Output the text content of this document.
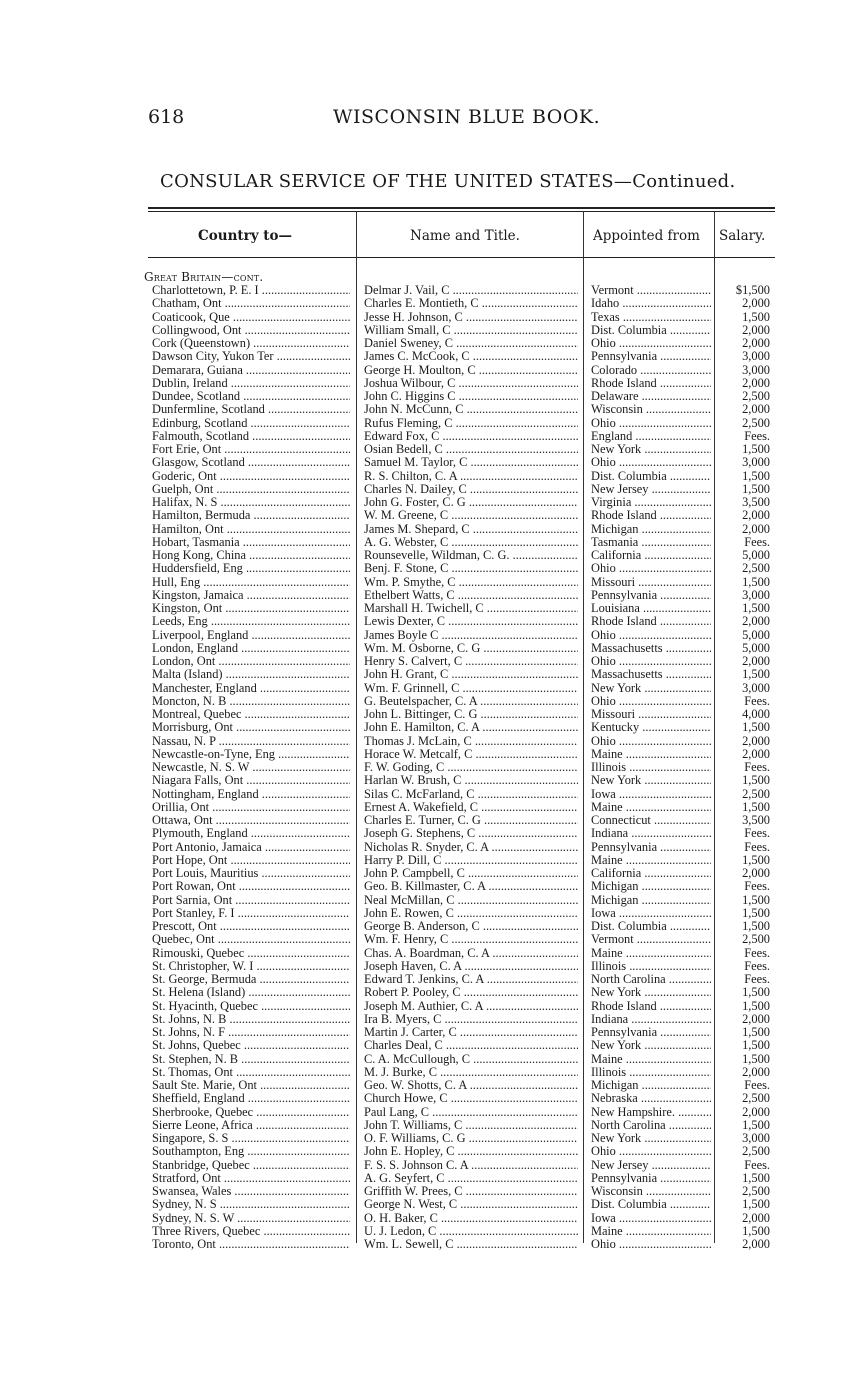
618	WISCONSIN BLUE BOOK.
CONSULAR SERVICE OF THE UNITED STATES—Continued.
Country to—	Name and Title.	Appointed from Salary.
Great Britain—cont.
Charlottetown, P. E. I .....	Delmar J. Vail, C .....	Vermont .....	$1,500
Chatham, Ont .....	Charles E. Montieth, C .....	Idaho .....	2,000
Coaticook, Que .....	Jesse H. Johnson, C .....	Texas .....	1,500
Collingwood, Ont .....	William Small, C .....	Dist. Columbia .....	2,000
Cork (Queenstown) .....	Daniel Sweney, C .....	Ohio .....	2,000
Dawson City, Yukon Ter .....	James C. McCook, C .....	Pennsylvania .....	3,000
Demarara, Guiana .....	George H. Moulton, C .....	Colorado .....	3,000
Dublin, Ireland .....	Joshua Wilbour, C .....	Rhode Island .....	2,000
Dundee, Scotland .....	John C. Higgins C .....	Delaware .....	2,500
Dunfermline, Scotland .....	John N. McCunn, C .....	Wisconsin .....	2,000
Edinburg, Scotland .....	Rufus Fleming, C .....	Ohio .....	2,500
Falmouth, Scotland .....	Edward Fox, C .....	England .....	Fees.
Fort Erie, Ont .....	Osian Bedell, C .....	New York .....	1,500
Glasgow, Scotland .....	Samuel M. Taylor, C .....	Ohio .....	3,000
Goderic, Ont .....	R. S. Chilton, C. A .....	Dist. Columbia .....	1,500
Guelph, Ont .....	Charles N. Dailey, C .....	New Jersey .....	1,500
Halifax, N. S .....	John G. Foster, C. G .....	Virginia .....	3,500
Hamilton, Bermuda .....	W. M. Greene, C .....	Rhode Island .....	2,000
Hamilton, Ont .....	James M. Shepard, C .....	Michigan .....	2,000
Hobart, Tasmania .....	A. G. Webster, C .....	Tasmania .....	Fees.
Hong Kong, China .....	Rounsevelle, Wildman, C. G. .....	California .....	5,000
Huddersfield, Eng .....	Benj. F. Stone, C .....	Ohio .....	2,500
Hull, Eng .....	Wm. P. Smythe, C .....	Missouri .....	1,500
Kingston, Jamaica .....	Ethelbert Watts, C .....	Pennsylvania .....	3,000
Kingston, Ont .....	Marshall H. Twichell, C .....	Louisiana .....	1,500
Leeds, Eng .....	Lewis Dexter, C .....	Rhode Island .....	2,000
Liverpool, England .....	James Boyle C .....	Ohio .....	5,000
London, England .....	Wm. M. Osborne, C. G .....	Massachusetts .....	5,000
London, Ont .....	Henry S. Calvert, C .....	Ohio .....	2,000
Malta (Island) .....	John H. Grant, C .....	Massachusetts .....	1,500
Manchester, England .....	Wm. F. Grinnell, C .....	New York .....	3,000
Moncton, N. B .....	G. Beutelspacher, C. A .....	Ohio .....	Fees.
Montreal, Quebec .....	John L. Bittinger, C. G .....	Missouri .....	4,000
Morrisburg, Ont .....	John E. Hamilton, C. A .....	Kentucky .....	1,500
Nassau, N. P .....	Thomas J. McLain, C .....	Ohio .....	2,000
Newcastle-on-Tyne, Eng .....	Horace W. Metcalf, C .....	Maine .....	2,000
Newcastle, N. S. W .....	F. W. Goding, C .....	Illinois .....	Fees.
Niagara Falls, Ont .....	Harlan W. Brush, C .....	New York .....	1,500
Nottingham, England .....	Silas C. McFarland, C .....	Iowa .....	2,500
Orillia, Ont .....	Ernest A. Wakefield, C .....	Maine .....	1,500
Ottawa, Ont .....	Charles E. Turner, C. G .....	Connecticut .....	3,500
Plymouth, England .....	Joseph G. Stephens, C .....	Indiana .....	Fees.
Port Antonio, Jamaica .....	Nicholas R. Snyder, C. A .....	Pennsylvania .....	Fees.
Port Hope, Ont .....	Harry P. Dill, C .....	Maine .....	1,500
Port Louis, Mauritius .....	John P. Campbell, C .....	California .....	2,000
Port Rowan, Ont .....	Geo. B. Killmaster, C. A .....	Michigan .....	Fees.
Port Sarnia, Ont .....	Neal McMillan, C .....	Michigan .....	1,500
Port Stanley, F. I .....	John E. Rowen, C .....	Iowa .....	1,500
Prescott, Ont .....	George B. Anderson, C .....	Dist. Columbia .....	1,500
Quebec, Ont .....	Wm. F. Henry, C .....	Vermont .....	2,500
Rimouski, Quebec .....	Chas. A. Boardman, C. A .....	Maine .....	Fees.
St. Christopher, W. I .....	Joseph Haven, C. A .....	Illinois .....	Fees.
St. George, Bermuda .....	Edward T. Jenkins, C. A .....	North Carolina .....	Fees.
St. Helena (Island) .....	Robert P. Pooley, C .....	New York .....	1,500
St. Hyacinth, Quebec .....	Joseph M. Authier, C. A .....	Rhode Island .....	1,500
St. Johns, N. B .....	Ira B. Myers, C .....	Indiana .....	2,000
St. Johns, N. F .....	Martin J. Carter, C .....	Pennsylvania .....	1,500
St. Johns, Quebec .....	Charles Deal, C .....	New York .....	1,500
St. Stephen, N. B .....	C. A. McCullough, C .....	Maine .....	1,500
St. Thomas, Ont .....	M. J. Burke, C .....	Illinois .....	2,000
Sault Ste. Marie, Ont .....	Geo. W. Shotts, C. A .....	Michigan .....	Fees.
Sheffield, England .....	Church Howe, C .....	Nebraska .....	2,500
Sherbrooke, Quebec .....	Paul Lang, C .....	New Hampshire. .....	2,000
Sierre Leone, Africa .....	John T. Williams, C .....	North Carolina .....	1,500
Singapore, S. S .....	O. F. Williams, C. G .....	New York .....	3,000
Southampton, Eng .....	John E. Hopley, C .....	Ohio .....	2,500
Stanbridge, Quebec .....	F. S. S. Johnson C. A .....	New Jersey .....	Fees.
Stratford, Ont .....	A. G. Seyfert, C .....	Pennsylvania .....	1,500
Swansea, Wales .....	Griffith W. Prees, C .....	Wisconsin .....	2,500
Sydney, N. S .....	George N. West, C .....	Dist. Columbia .....	1,500
Sydney, N. S. W .....	O. H. Baker, C .....	Iowa .....	2,000
Three Rivers, Quebec .....	U. J. Ledon, C .....	Maine .....	1,500
Toronto, Ont .....	Wm. L. Sewell, C .....	Ohio .....	2,000
